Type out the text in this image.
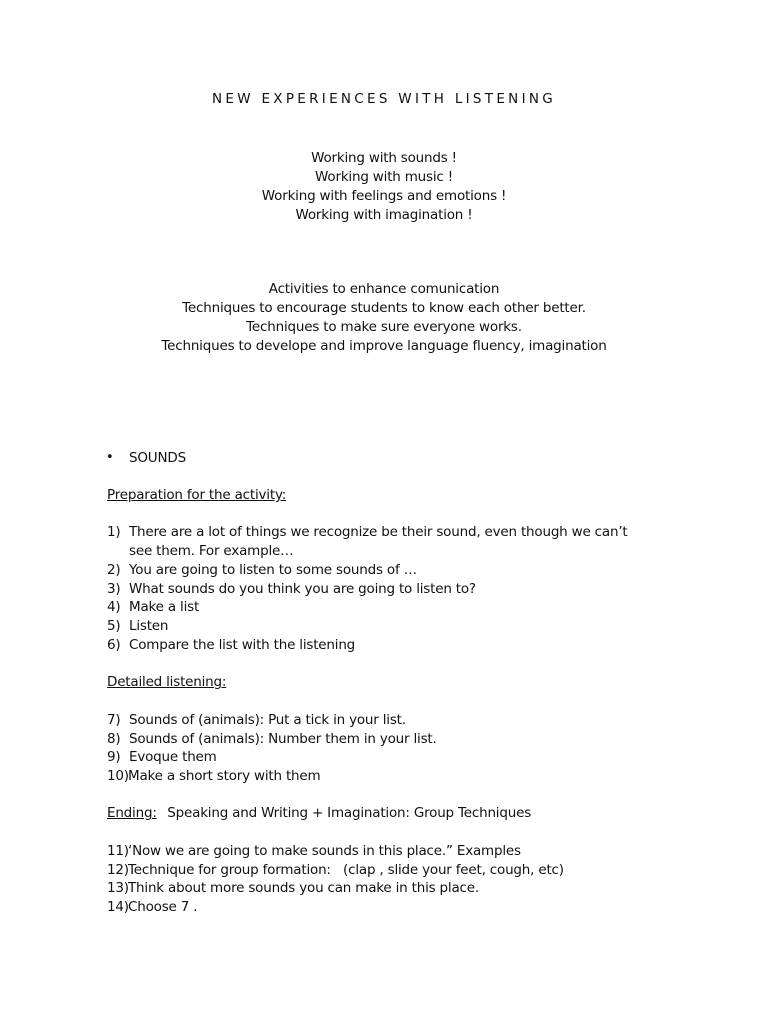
NEW EXPERIENCES WITH LISTENING
Working with sounds !
Working with music !
Working with feelings and emotions !
Working with imagination !
Activities to enhance comunication
Techniques to encourage students to know each other better.
Techniques to make sure everyone works.
Techniques to develope and improve language fluency, imagination
• SOUNDS
Preparation for the activity:
1) There are a lot of things we recognize be their sound, even though we can’t
see them. For example…
2) You are going to listen to some sounds of …
3) What sounds do you think you are going to listen to?
4) Make a list
5) Listen
6) Compare the list with the listening
Detailed listening:
7) Sounds of (animals): Put a tick in your list.
8) Sounds of (animals): Number them in your list.
9) Evoque them
10) Make a short story with them
Ending:
Speaking and Writing + Imagination: Group Techniques
11) ‘Now we are going to make sounds in this place.” Examples
12) Technique for group formation:   (clap , slide your feet, cough, etc)
13) Think about more sounds you can make in this place.
14) Choose 7 .
